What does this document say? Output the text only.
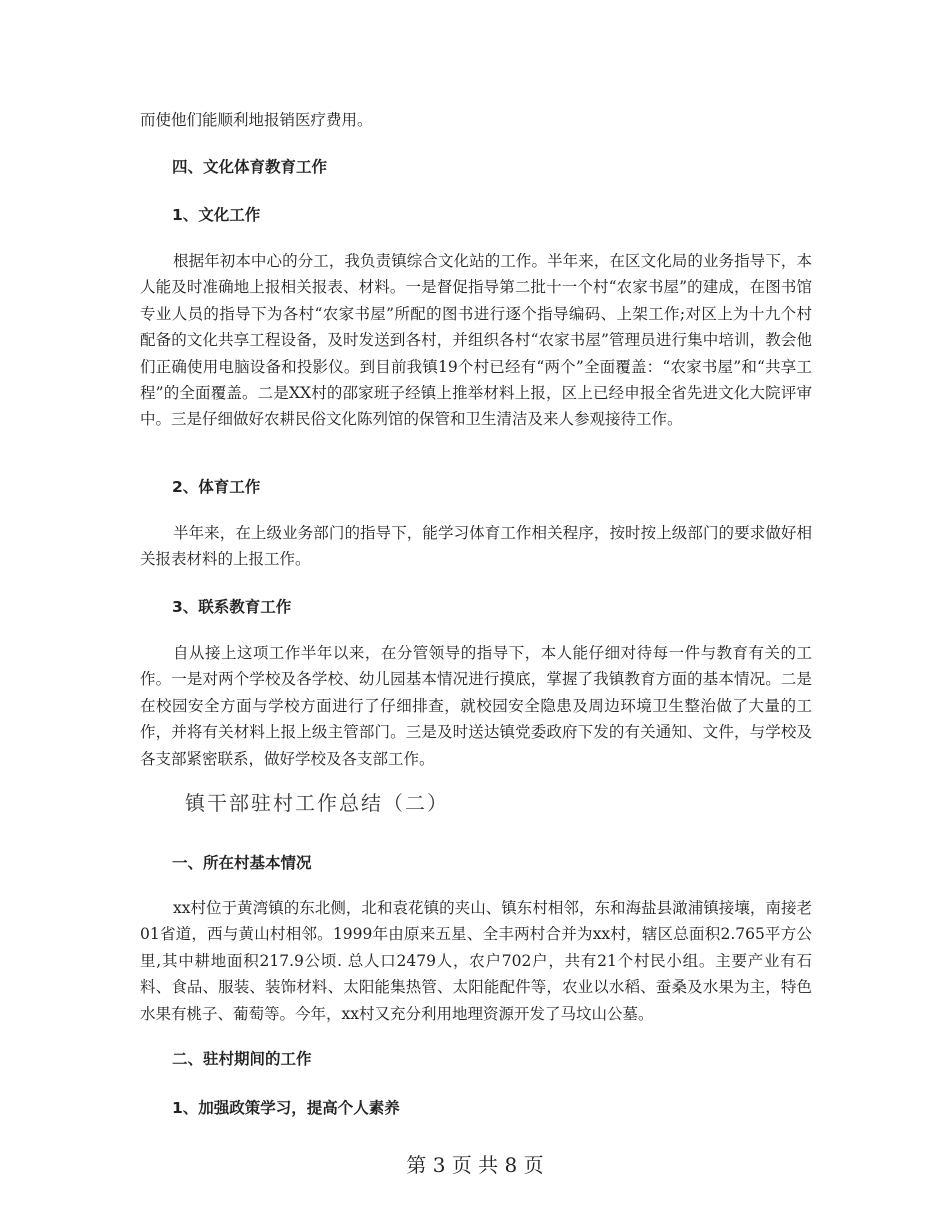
而使他们能顺利地报销医疗费用。

四、文化体育教育工作

1、文化工作

根据年初本中心的分工，我负责镇综合文化站的工作。半年来，在区文化局的业务指导下，本人能及时准确地上报相关报表、材料。一是督促指导第二批十一个村“农家书屋”的建成，在图书馆专业人员的指导下为各村“农家书屋”所配的图书进行逐个指导编码、上架工作;对区上为十九个村配备的文化共享工程设备，及时发送到各村，并组织各村“农家书屋”管理员进行集中培训，教会他们正确使用电脑设备和投影仪。到目前我镇19个村已经有“两个”全面覆盖：“农家书屋”和“共享工程”的全面覆盖。二是XX村的邵家班子经镇上推举材料上报，区上已经申报全省先进文化大院评审中。三是仔细做好农耕民俗文化陈列馆的保管和卫生清洁及来人参观接待工作。

2、体育工作

半年来，在上级业务部门的指导下，能学习体育工作相关程序，按时按上级部门的要求做好相关报表材料的上报工作。

3、联系教育工作

自从接上这项工作半年以来，在分管领导的指导下，本人能仔细对待每一件与教育有关的工作。一是对两个学校及各学校、幼儿园基本情况进行摸底，掌握了我镇教育方面的基本情况。二是在校园安全方面与学校方面进行了仔细排查，就校园安全隐患及周边环境卫生整治做了大量的工作，并将有关材料上报上级主管部门。三是及时送达镇党委政府下发的有关通知、文件，与学校及各支部紧密联系，做好学校及各支部工作。

镇干部驻村工作总结（二）

一、所在村基本情况

xx村位于黄湾镇的东北侧，北和袁花镇的夹山、镇东村相邻，东和海盐县澉浦镇接壤，南接老01省道，西与黄山村相邻。1999年由原来五星、全丰两村合并为xx村，辖区总面积2.765平方公里,其中耕地面积217.9公顷. 总人口2479人，农户702户，共有21个村民小组。主要产业有石料、食品、服装、装饰材料、太阳能集热管、太阳能配件等，农业以水稻、蚕桑及水果为主，特色水果有桃子、葡萄等。今年，xx村又充分利用地理资源开发了马坟山公墓。

二、驻村期间的工作

1、加强政策学习，提高个人素养

第 3 页 共 8 页
